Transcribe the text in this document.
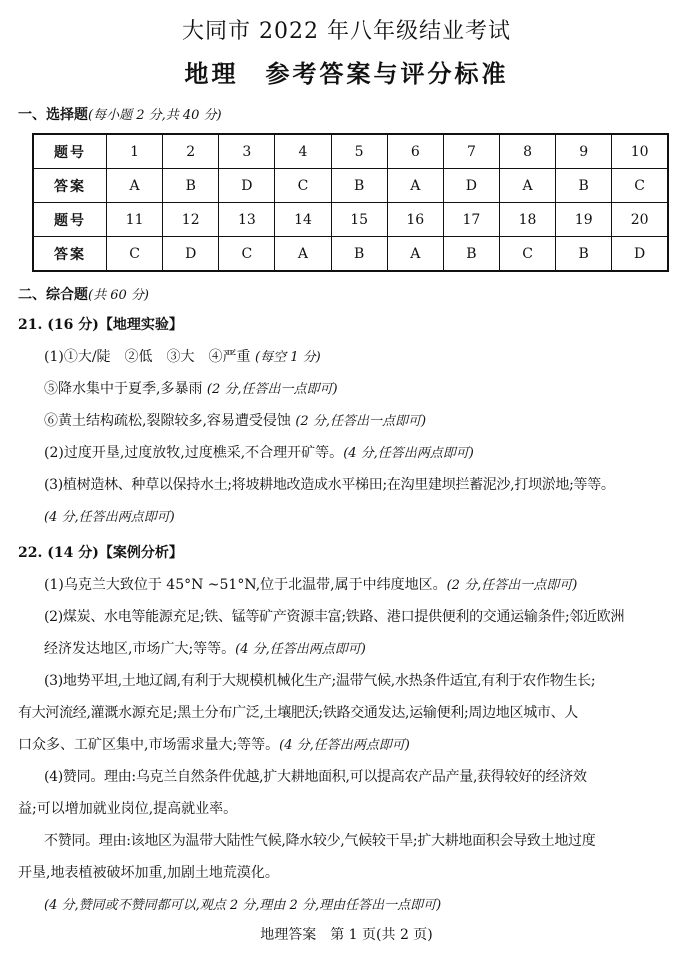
大同市 2022 年八年级结业考试
地理　参考答案与评分标准
一、选择题(每小题 2 分,共 40 分)
题号	1	2	3	4	5	6	7	8	9	10
答案	A	B	D	C	B	A	D	A	B	C
题号	11	12	13	14	15	16	17	18	19	20
答案	C	D	C	A	B	A	B	C	B	D
二、综合题(共 60 分)
21. (16 分)【地理实验】
(1)①大/陡　②低　③大　④严重 (每空 1 分)
⑤降水集中于夏季,多暴雨 (2 分,任答出一点即可)
⑥黄土结构疏松,裂隙较多,容易遭受侵蚀 (2 分,任答出一点即可)
(2)过度开垦,过度放牧,过度樵采,不合理开矿等。(4 分,任答出两点即可)
(3)植树造林、种草以保持水土;将坡耕地改造成水平梯田;在沟里建坝拦蓄泥沙,打坝淤地;等等。
(4 分,任答出两点即可)
22. (14 分)【案例分析】
(1)乌克兰大致位于 45°N ~51°N,位于北温带,属于中纬度地区。(2 分,任答出一点即可)
(2)煤炭、水电等能源充足;铁、锰等矿产资源丰富;铁路、港口提供便利的交通运输条件;邻近欧洲
经济发达地区,市场广大;等等。(4 分,任答出两点即可)
(3)地势平坦,土地辽阔,有利于大规模机械化生产;温带气候,水热条件适宜,有利于农作物生长;
有大河流经,灌溉水源充足;黑土分布广泛,土壤肥沃;铁路交通发达,运输便利;周边地区城市、人
口众多、工矿区集中,市场需求量大;等等。(4 分,任答出两点即可)
(4)赞同。理由:乌克兰自然条件优越,扩大耕地面积,可以提高农产品产量,获得较好的经济效
益;可以增加就业岗位,提高就业率。
不赞同。理由:该地区为温带大陆性气候,降水较少,气候较干旱;扩大耕地面积会导致土地过度
开垦,地表植被破坏加重,加剧土地荒漠化。
(4 分,赞同或不赞同都可以,观点 2 分,理由 2 分,理由任答出一点即可)
地理答案　第 1 页(共 2 页)
